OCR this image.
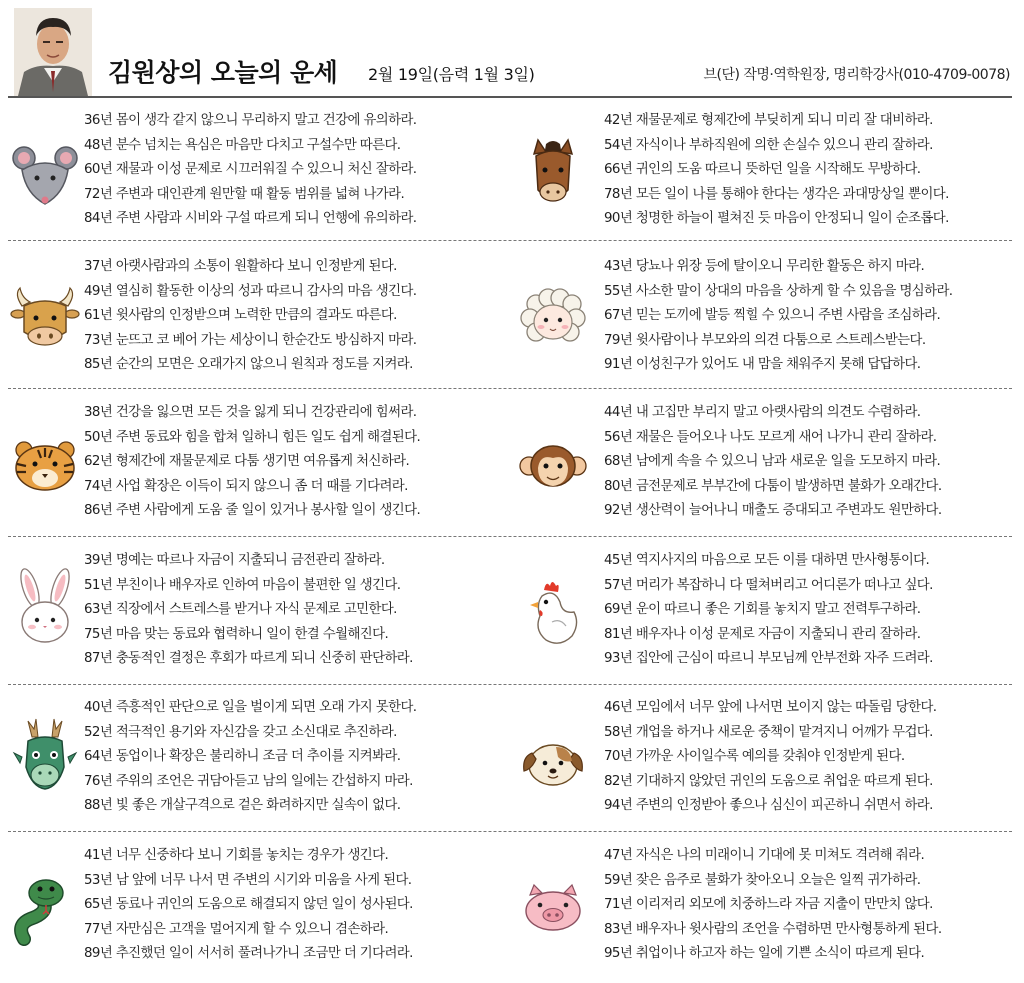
김원상의 오늘의 운세 2월 19일(음력 1월 3일)	브(단) 작명·역학원장, 명리학강사(010-4709-0078)
36년 몸이 생각 같지 않으니 무리하지 말고 건강에 유의하라.
48년 분수 넘치는 욕심은 마음만 다치고 구설수만 따른다.
60년 재물과 이성 문제로 시끄러워질 수 있으니 처신 잘하라.
72년 주변과 대인관계 원만할 때 활동 범위를 넓혀 나가라.
84년 주변 사람과 시비와 구설 따르게 되니 언행에 유의하라.
42년 재물문제로 형제간에 부딪히게 되니 미리 잘 대비하라.
54년 자식이나 부하직원에 의한 손실수 있으니 관리 잘하라.
66년 귀인의 도움 따르니 뜻하던 일을 시작해도 무방하다.
78년 모든 일이 나를 통해야 한다는 생각은 과대망상일 뿐이다.
90년 청명한 하늘이 펼쳐진 듯 마음이 안정되니 일이 순조롭다.
37년 아랫사람과의 소통이 원활하다 보니 인정받게 된다.
49년 열심히 활동한 이상의 성과 따르니 감사의 마음 생긴다.
61년 윗사람의 인정받으며 노력한 만큼의 결과도 따른다.
73년 눈뜨고 코 베어 가는 세상이니 한순간도 방심하지 마라.
85년 순간의 모면은 오래가지 않으니 원칙과 정도를 지켜라.
43년 당뇨나 위장 등에 탈이오니 무리한 활동은 하지 마라.
55년 사소한 말이 상대의 마음을 상하게 할 수 있음을 명심하라.
67년 믿는 도끼에 발등 찍힐 수 있으니 주변 사람을 조심하라.
79년 윗사람이나 부모와의 의견 다툼으로 스트레스받는다.
91년 이성친구가 있어도 내 맘을 채워주지 못해 답답하다.
38년 건강을 잃으면 모든 것을 잃게 되니 건강관리에 힘써라.
50년 주변 동료와 힘을 합쳐 일하니 힘든 일도 쉽게 해결된다.
62년 형제간에 재물문제로 다툼 생기면 여유롭게 처신하라.
74년 사업 확장은 이득이 되지 않으니 좀 더 때를 기다려라.
86년 주변 사람에게 도움 줄 일이 있거나 봉사할 일이 생긴다.
44년 내 고집만 부리지 말고 아랫사람의 의견도 수렴하라.
56년 재물은 들어오나 나도 모르게 새어 나가니 관리 잘하라.
68년 남에게 속을 수 있으니 남과 새로운 일을 도모하지 마라.
80년 금전문제로 부부간에 다툼이 발생하면 불화가 오래간다.
92년 생산력이 늘어나니 매출도 증대되고 주변과도 원만하다.
39년 명예는 따르나 자금이 지출되니 금전관리 잘하라.
51년 부친이나 배우자로 인하여 마음이 불편한 일 생긴다.
63년 직장에서 스트레스를 받거나 자식 문제로 고민한다.
75년 마음 맞는 동료와 협력하니 일이 한결 수월해진다.
87년 충동적인 결정은 후회가 따르게 되니 신중히 판단하라.
45년 역지사지의 마음으로 모든 이를 대하면 만사형통이다.
57년 머리가 복잡하니 다 떨쳐버리고 어디론가 떠나고 싶다.
69년 운이 따르니 좋은 기회를 놓치지 말고 전력투구하라.
81년 배우자나 이성 문제로 자금이 지출되니 관리 잘하라.
93년 집안에 근심이 따르니 부모님께 안부전화 자주 드려라.
40년 즉흥적인 판단으로 일을 벌이게 되면 오래 가지 못한다.
52년 적극적인 용기와 자신감을 갖고 소신대로 추진하라.
64년 동업이나 확장은 불리하니 조금 더 추이를 지켜봐라.
76년 주위의 조언은 귀담아듣고 남의 일에는 간섭하지 마라.
88년 빛 좋은 개살구격으로 겉은 화려하지만 실속이 없다.
46년 모임에서 너무 앞에 나서면 보이지 않는 따돌림 당한다.
58년 개업을 하거나 새로운 중책이 맡겨지니 어깨가 무겁다.
70년 가까운 사이일수록 예의를 갖춰야 인정받게 된다.
82년 기대하지 않았던 귀인의 도움으로 취업운 따르게 된다.
94년 주변의 인정받아 좋으나 심신이 피곤하니 쉬면서 하라.
41년 너무 신중하다 보니 기회를 놓치는 경우가 생긴다.
53년 남 앞에 너무 나서 면 주변의 시기와 미움을 사게 된다.
65년 동료나 귀인의 도움으로 해결되지 않던 일이 성사된다.
77년 자만심은 고객을 멀어지게 할 수 있으니 겸손하라.
89년 추진했던 일이 서서히 풀려나가니 조금만 더 기다려라.
47년 자식은 나의 미래이니 기대에 못 미쳐도 격려해 줘라.
59년 잦은 음주로 불화가 찾아오니 오늘은 일찍 귀가하라.
71년 이리저리 외모에 치중하느라 자금 지출이 만만치 않다.
83년 배우자나 윗사람의 조언을 수렴하면 만사형통하게 된다.
95년 취업이나 하고자 하는 일에 기쁜 소식이 따르게 된다.
